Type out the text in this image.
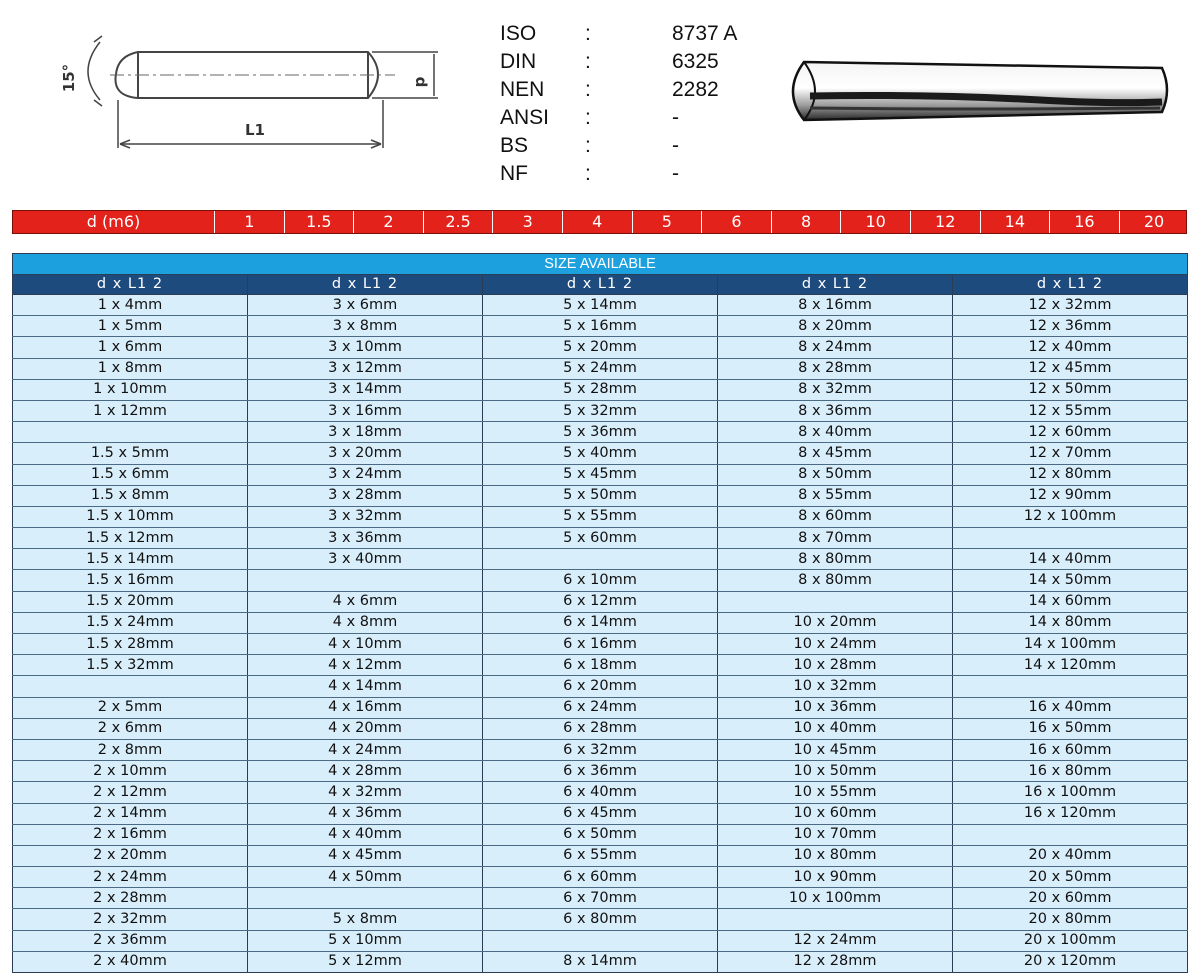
15°	d
L1
ISO :	8737 A
DIN :	6325
NEN :	2282
ANSI :	-
BS	:	-
NF	:	-
d (m6)	1	1.5	2	2.5	3	4	5	6	8	10	12	14	16	20
SIZE AVAILABLE				
d x L1 2	d x L1 2	d x L1 2	d x L1 2	d x L1 2
1 x 4mm	3 x 6mm	5 x 14mm	8 x 16mm	12 x 32mm
1 x 5mm	3 x 8mm	5 x 16mm	8 x 20mm	12 x 36mm
1 x 6mm	3 x 10mm	5 x 20mm	8 x 24mm	12 x 40mm
1 x 8mm	3 x 12mm	5 x 24mm	8 x 28mm	12 x 45mm
1 x 10mm	3 x 14mm	5 x 28mm	8 x 32mm	12 x 50mm
1 x 12mm	3 x 16mm	5 x 32mm	8 x 36mm	12 x 55mm
	3 x 18mm	5 x 36mm	8 x 40mm	12 x 60mm
1.5 x 5mm	3 x 20mm	5 x 40mm	8 x 45mm	12 x 70mm
1.5 x 6mm	3 x 24mm	5 x 45mm	8 x 50mm	12 x 80mm
1.5 x 8mm	3 x 28mm	5 x 50mm	8 x 55mm	12 x 90mm
1.5 x 10mm	3 x 32mm	5 x 55mm	8 x 60mm	12 x 100mm
1.5 x 12mm	3 x 36mm	5 x 60mm	8 x 70mm	
1.5 x 14mm	3 x 40mm		8 x 80mm	14 x 40mm
1.5 x 16mm		6 x 10mm	8 x 80mm	14 x 50mm
1.5 x 20mm	4 x 6mm	6 x 12mm		14 x 60mm
1.5 x 24mm	4 x 8mm	6 x 14mm	10 x 20mm	14 x 80mm
1.5 x 28mm	4 x 10mm	6 x 16mm	10 x 24mm	14 x 100mm
1.5 x 32mm	4 x 12mm	6 x 18mm	10 x 28mm	14 x 120mm
	4 x 14mm	6 x 20mm	10 x 32mm	
2 x 5mm	4 x 16mm	6 x 24mm	10 x 36mm	16 x 40mm
2 x 6mm	4 x 20mm	6 x 28mm	10 x 40mm	16 x 50mm
2 x 8mm	4 x 24mm	6 x 32mm	10 x 45mm	16 x 60mm
2 x 10mm	4 x 28mm	6 x 36mm	10 x 50mm	16 x 80mm
2 x 12mm	4 x 32mm	6 x 40mm	10 x 55mm	16 x 100mm
2 x 14mm	4 x 36mm	6 x 45mm	10 x 60mm	16 x 120mm
2 x 16mm	4 x 40mm	6 x 50mm	10 x 70mm	
2 x 20mm	4 x 45mm	6 x 55mm	10 x 80mm	20 x 40mm
2 x 24mm	4 x 50mm	6 x 60mm	10 x 90mm	20 x 50mm
2 x 28mm		6 x 70mm	10 x 100mm	20 x 60mm
2 x 32mm	5 x 8mm	6 x 80mm		20 x 80mm
2 x 36mm	5 x 10mm		12 x 24mm	20 x 100mm
2 x 40mm	5 x 12mm	8 x 14mm	12 x 28mm	20 x 120mm
